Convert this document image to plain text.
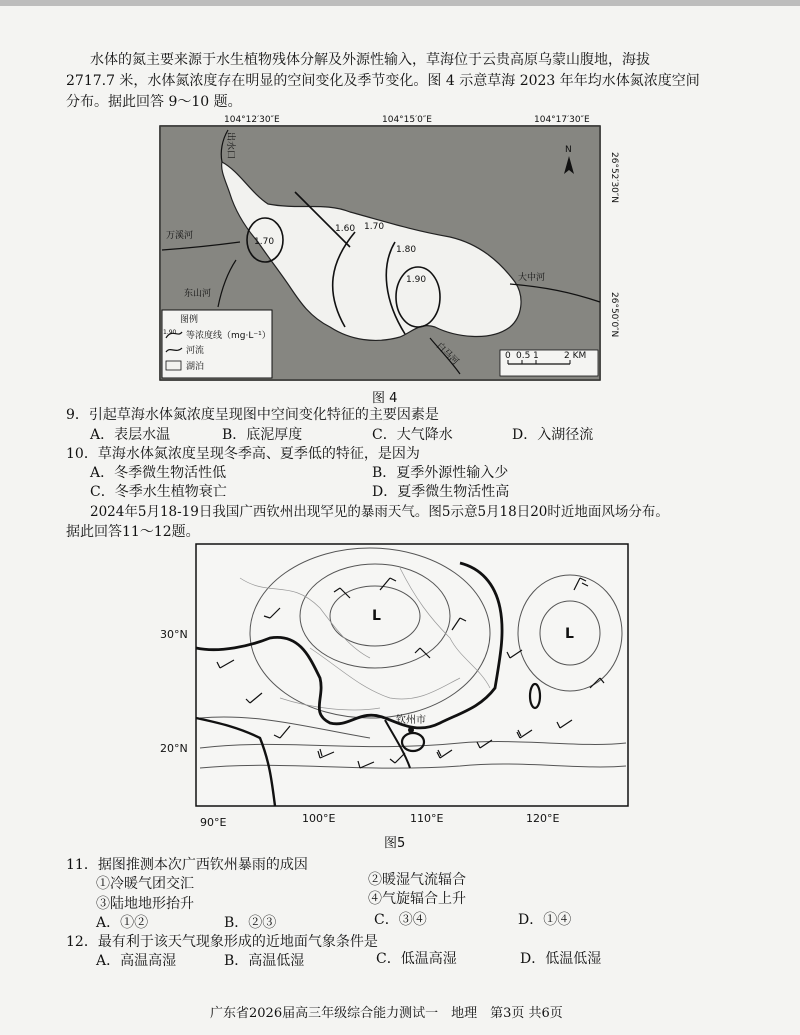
水体的氮主要来源于水生植物残体分解及外源性输入，草海位于云贵高原乌蒙山腹地，海拔
2717.7 米，水体氮浓度存在明显的空间变化及季节变化。图 4 示意草海 2023 年年均水体氮浓度空间
分布。据此回答 9～10 题。
104°12′30″E	104°15′0″E	104°17′30″E
26°52′30″N
26°50′0″N
1.70
1.60 1.70
1.80
1.90
出水口
万溪河
东山河
大中河
白马河
N
图例
1.90 等浓度线（mg·L⁻¹）
河流
湖泊
0 0.5 1	2 KM
图 4
9．引起草海水体氮浓度呈现图中空间变化特征的主要因素是
A．表层水温	B．底泥厚度	C．大气降水	D．入湖径流
10．草海水体氮浓度呈现冬季高、夏季低的特征，是因为
A．冬季微生物活性低	B．夏季外源性输入少
C．冬季水生植物衰亡	D．夏季微生物活性高
2024年5月18-19日我国广西钦州出现罕见的暴雨天气。图5示意5月18日20时近地面风场分布。
据此回答11～12题。
L
L
钦州市
30°N
20°N
90°E	100°E	110°E	120°E
图5
11．据图推测本次广西钦州暴雨的成因
①冷暖气团交汇	②暖湿气流辐合
③陆地地形抬升	④气旋辐合上升
A．①②	B．②③	C．③④	D．①④
12．最有利于该天气现象形成的近地面气象条件是
A．高温高湿	B．高温低湿	C．低温高湿	D．低温低湿
广东省2026届高三年级综合能力测试一　地理　第3页 共6页
